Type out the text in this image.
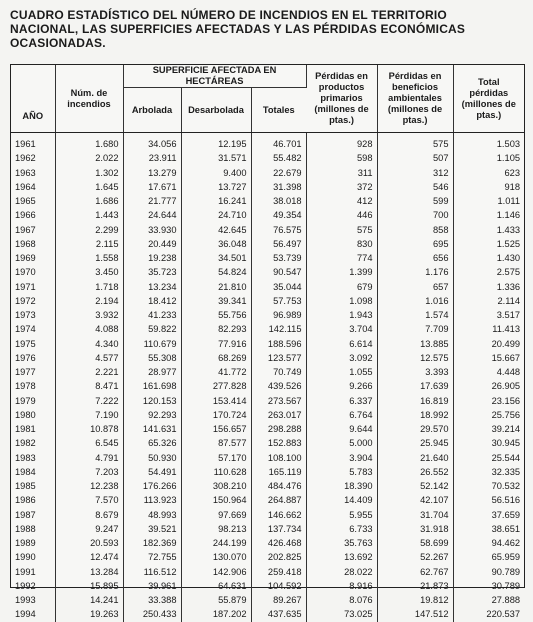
CUADRO ESTADÍSTICO DEL NÚMERO DE INCENDIOS EN EL TERRITORIO
NACIONAL, LAS SUPERFICIES AFECTADAS Y LAS PÉRDIDAS ECONÓMICAS
OCASIONADAS.
AÑO	Núm. de incendios	SUPERFICIE AFECTADA EN HECTÁREAS			Pérdidas en productos primarios (millones de ptas.)	Pérdidas en beneficios ambientales (millones de ptas.)	Total pérdidas (millones de ptas.)
		Arbolada	Desarbolada	Totales			
1961	1.680	34.056	12.195	46.701	928	575	1.503
1962	2.022	23.911	31.571	55.482	598	507	1.105
1963	1.302	13.279	9.400	22.679	311	312	623
1964	1.645	17.671	13.727	31.398	372	546	918
1965	1.686	21.777	16.241	38.018	412	599	1.011
1966	1.443	24.644	24.710	49.354	446	700	1.146
1967	2.299	33.930	42.645	76.575	575	858	1.433
1968	2.115	20.449	36.048	56.497	830	695	1.525
1969	1.558	19.238	34.501	53.739	774	656	1.430
1970	3.450	35.723	54.824	90.547	1.399	1.176	2.575
1971	1.718	13.234	21.810	35.044	679	657	1.336
1972	2.194	18.412	39.341	57.753	1.098	1.016	2.114
1973	3.932	41.233	55.756	96.989	1.943	1.574	3.517
1974	4.088	59.822	82.293	142.115	3.704	7.709	11.413
1975	4.340	110.679	77.916	188.596	6.614	13.885	20.499
1976	4.577	55.308	68.269	123.577	3.092	12.575	15.667
1977	2.221	28.977	41.772	70.749	1.055	3.393	4.448
1978	8.471	161.698	277.828	439.526	9.266	17.639	26.905
1979	7.222	120.153	153.414	273.567	6.337	16.819	23.156
1980	7.190	92.293	170.724	263.017	6.764	18.992	25.756
1981	10.878	141.631	156.657	298.288	9.644	29.570	39.214
1982	6.545	65.326	87.577	152.883	5.000	25.945	30.945
1983	4.791	50.930	57.170	108.100	3.904	21.640	25.544
1984	7.203	54.491	110.628	165.119	5.783	26.552	32.335
1985	12.238	176.266	308.210	484.476	18.390	52.142	70.532
1986	7.570	113.923	150.964	264.887	14.409	42.107	56.516
1987	8.679	48.993	97.669	146.662	5.955	31.704	37.659
1988	9.247	39.521	98.213	137.734	6.733	31.918	38.651
1989	20.593	182.369	244.199	426.468	35.763	58.699	94.462
1990	12.474	72.755	130.070	202.825	13.692	52.267	65.959
1991	13.284	116.512	142.906	259.418	28.022	62.767	90.789
1992	15.895	39.961	64.631	104.592	8.916	21.873	30.789
1993	14.241	33.388	55.879	89.267	8.076	19.812	27.888
1994	19.263	250.433	187.202	437.635	73.025	147.512	220.537
